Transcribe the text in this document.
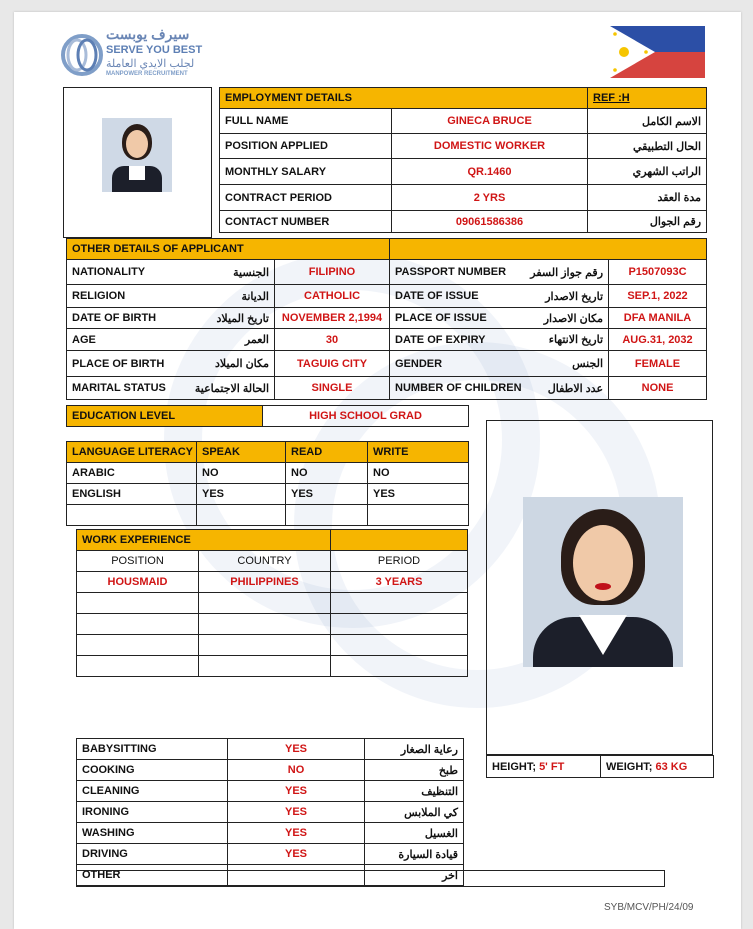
سيرف يوبست
SERVE YOU BEST
لجلب الايدي العاملة
MANPOWER RECRUITMENT
EMPLOYMENT DETAILS		REF :H
FULL NAME	GINECA BRUCE	الاسم الكامل
POSITION APPLIED	DOMESTIC WORKER	الحال التطبيقي
MONTHLY SALARY	QR.1460	الراتب الشهري
CONTRACT PERIOD	2 YRS	مدة العقد
CONTACT NUMBER	09061586386	رقم الجوال
OTHER DETAILS OF APPLICANT			

NATIONALITY الجنسية	FILIPINO	PASSPORT NUMBER رقم جواز السفر	P1507093C

RELIGION الديانة	CATHOLIC	DATE OF ISSUE تاريخ الاصدار	SEP.1, 2022

DATE OF BIRTH تاريخ الميلاد	NOVEMBER 2,1994	PLACE OF ISSUE مكان الاصدار	DFA MANILA

AGE العمر	30	DATE OF EXPIRY تاريخ الانتهاء	AUG.31, 2032

PLACE OF BIRTH مكان الميلاد	TAGUIG CITY	GENDER الجنس	FEMALE

MARITAL STATUS الحالة الاجتماعية	SINGLE	NUMBER OF CHILDREN عدد الاطفال	NONE
EDUCATION LEVEL	HIGH SCHOOL GRAD
LANGUAGE LITERACY	SPEAK	READ	WRITE
ARABIC	NO	NO	NO
ENGLISH	YES	YES	YES

WORK EXPERIENCE		
POSITION	COUNTRY	PERIOD
HOUSMAID	PHILIPPINES	3 YEARS

HEIGHT; 5' FT	WEIGHT; 63 KG
BABYSITTING	YES	رعاية الصغار
COOKING	NO	طبخ
CLEANING	YES	التنظيف
IRONING	YES	كي الملابس
WASHING	YES	الغسيل
DRIVING	YES	قيادة السيارة
OTHER		اخر
SYB/MCV/PH/24/09
